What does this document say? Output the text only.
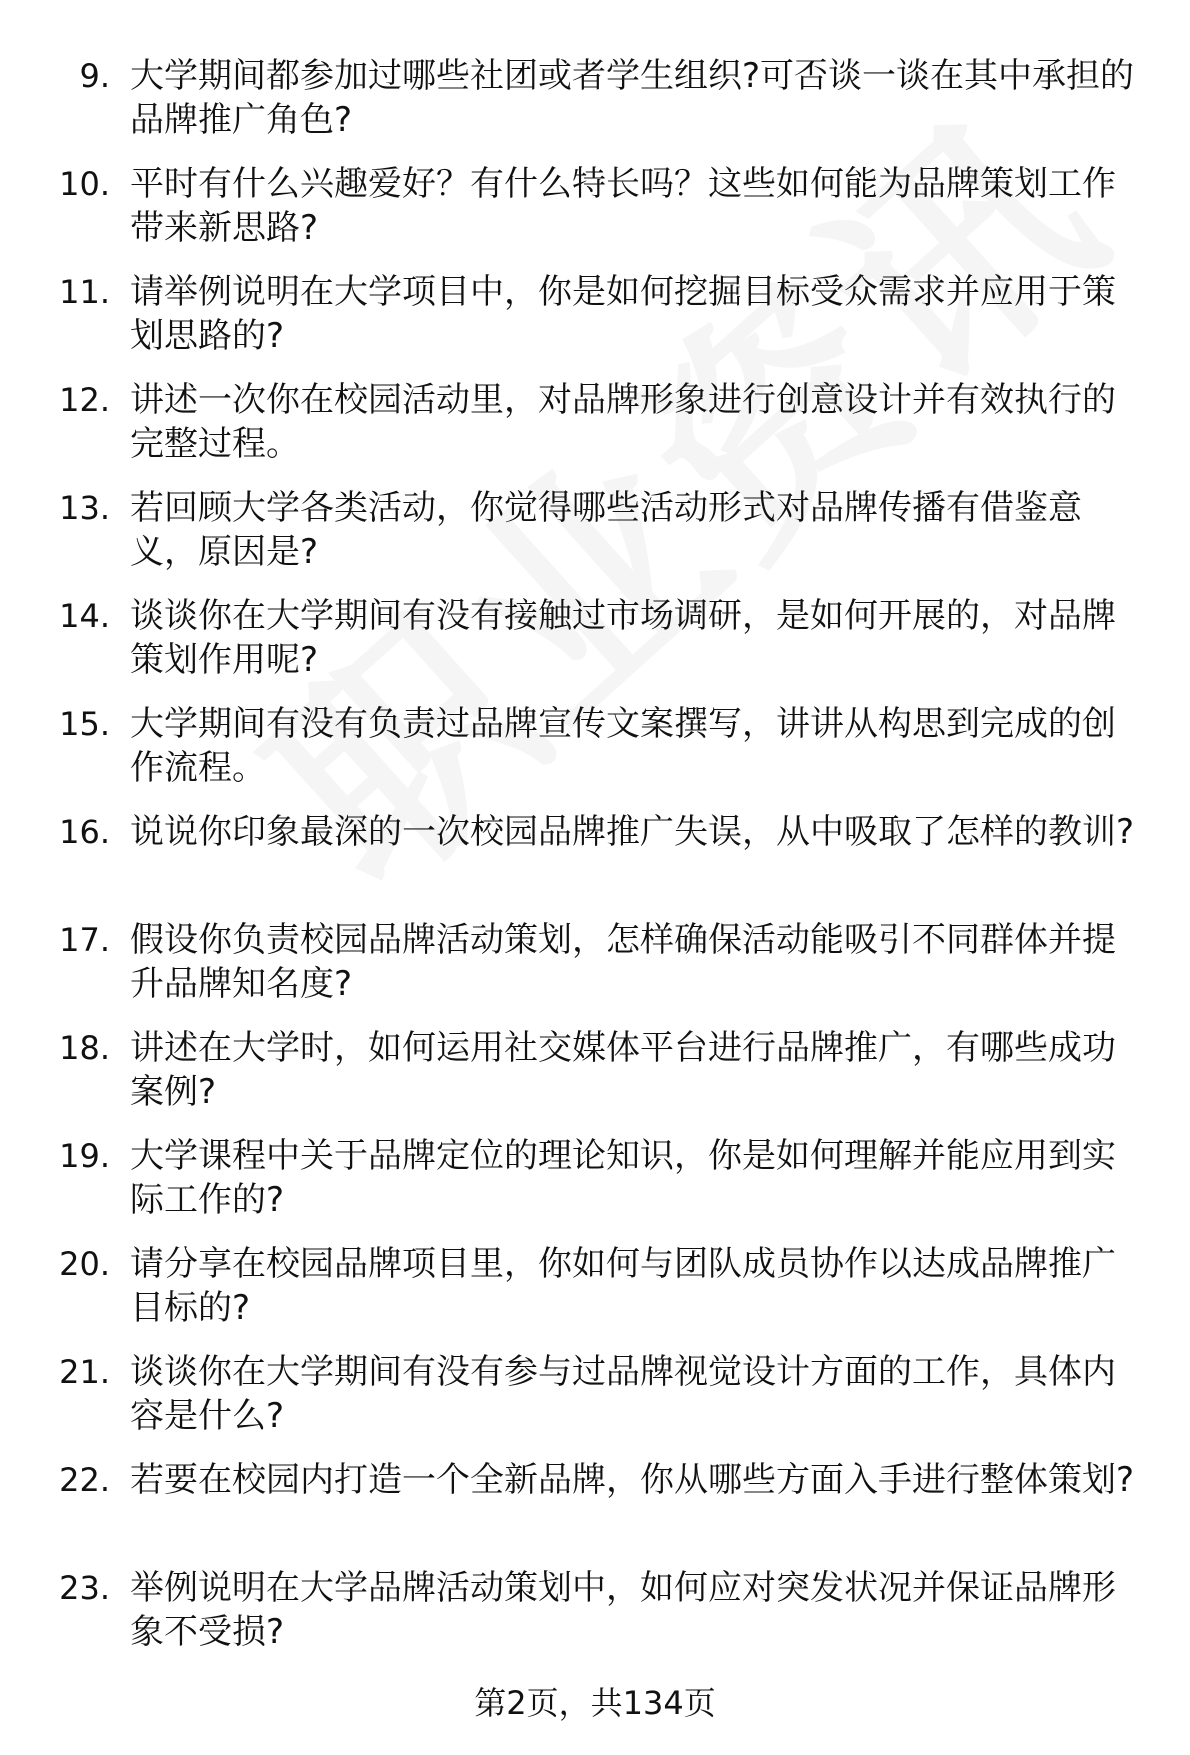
9. 大学期间都参加过哪些社团或者学生组织?可否谈一谈在其中承担的品牌推广角色?
10. 平时有什么兴趣爱好？有什么特长吗？这些如何能为品牌策划工作带来新思路?
11. 请举例说明在大学项目中，你是如何挖掘目标受众需求并应用于策划思路的?
12. 讲述一次你在校园活动里，对品牌形象进行创意设计并有效执行的完整过程。
13. 若回顾大学各类活动，你觉得哪些活动形式对品牌传播有借鉴意义，原因是?
14. 谈谈你在大学期间有没有接触过市场调研，是如何开展的，对品牌策划作用呢?
15. 大学期间有没有负责过品牌宣传文案撰写，讲讲从构思到完成的创作流程。
16. 说说你印象最深的一次校园品牌推广失误，从中吸取了怎样的教训?
17. 假设你负责校园品牌活动策划，怎样确保活动能吸引不同群体并提升品牌知名度?
18. 讲述在大学时，如何运用社交媒体平台进行品牌推广，有哪些成功案例?
19. 大学课程中关于品牌定位的理论知识，你是如何理解并能应用到实际工作的?
20. 请分享在校园品牌项目里，你如何与团队成员协作以达成品牌推广目标的?
21. 谈谈你在大学期间有没有参与过品牌视觉设计方面的工作，具体内容是什么?
22. 若要在校园内打造一个全新品牌，你从哪些方面入手进行整体策划?
23. 举例说明在大学品牌活动策划中，如何应对突发状况并保证品牌形象不受损?
第2页，共134页
